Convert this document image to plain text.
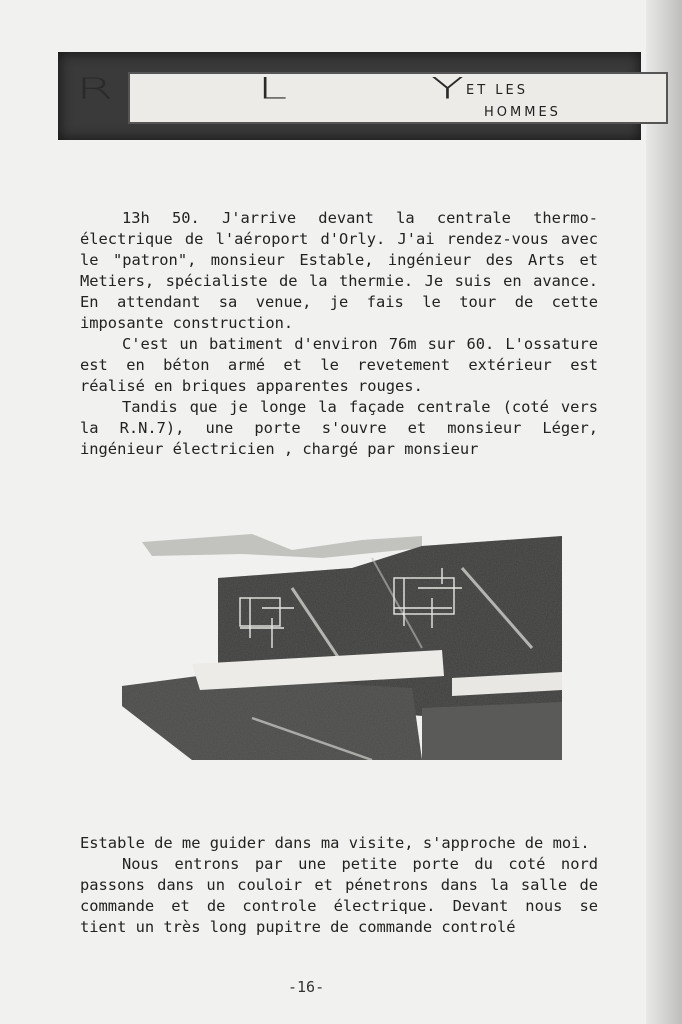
R	L	Y ET LES
HOMMES

13h 50. J'arrive devant la centrale thermo-électrique de l'aéroport d'Orly. J'ai rendez-vous avec le "patron", monsieur Estable, ingénieur des Arts et Metiers, spécialiste de la thermie. Je suis en avance. En attendant sa venue, je fais le tour de cette imposante construction.

C'est un batiment d'environ 76m sur 60. L'ossature est en béton armé et le revetement extérieur est réalisé en briques apparentes rouges.

Tandis que je longe la façade centrale (coté vers la R.N.7), une porte s'ouvre et monsieur Léger, ingénieur électricien , chargé par monsieur

Estable de me guider dans ma visite, s'approche de moi.

Nous entrons par une petite porte du coté nord passons dans un couloir et pénetrons dans la salle de commande et de controle électrique. Devant nous se tient un très long pupitre de commande controlé

-16-
